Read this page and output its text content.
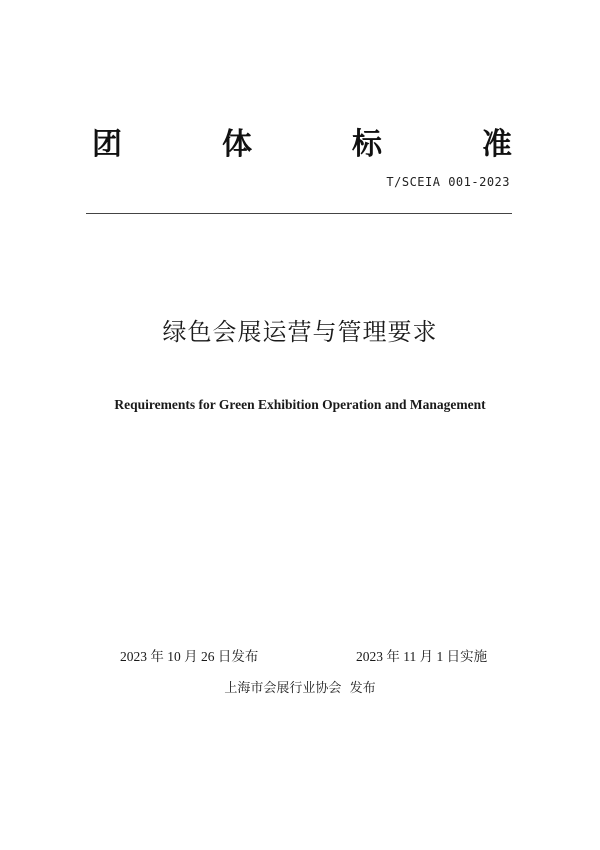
团	体	标	准
T/SCEIA 001-2023
绿色会展运营与管理要求
Requirements for Green Exhibition Operation and Management
2023 年 10 月 26 日发布	2023 年 11 月 1 日实施
上海市会展行业协会  发布
